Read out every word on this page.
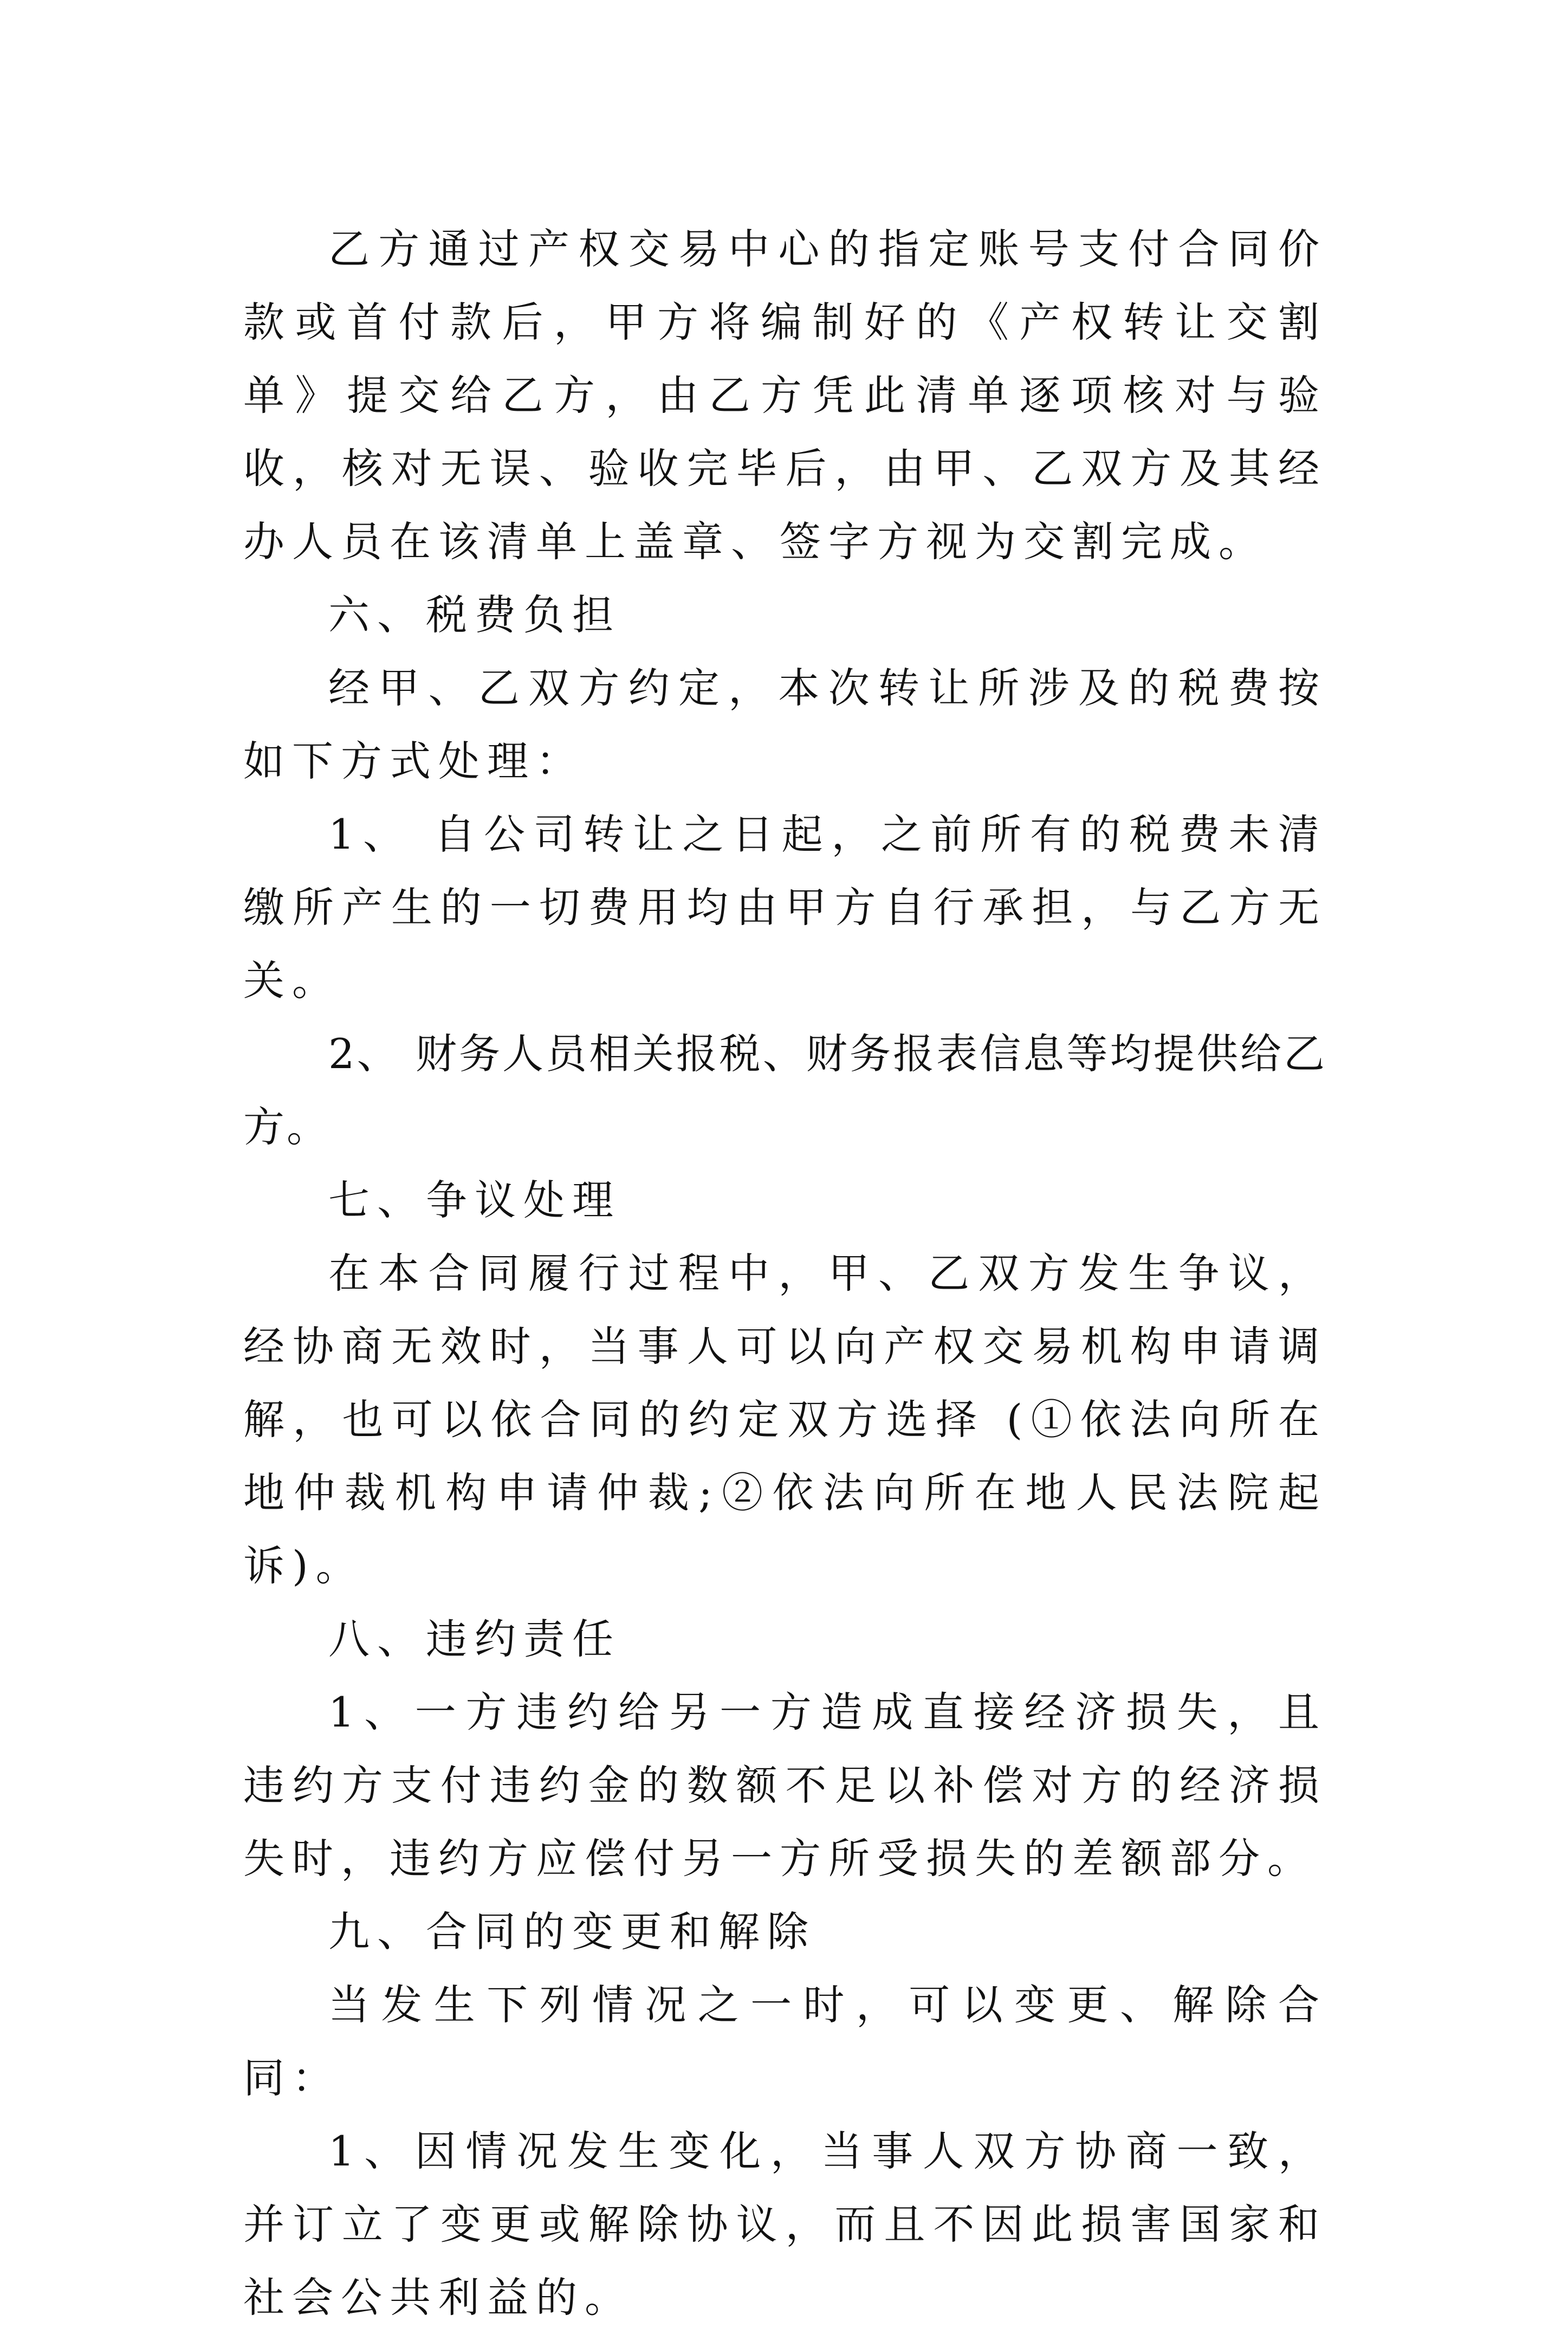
乙方通过产权交易中心的指定账号支付合同价款或首付款后，甲方将编制好的《产权转让交割单》提交给乙方，由乙方凭此清单逐项核对与验收，核对无误、验收完毕后，由甲、乙双方及其经办人员在该清单上盖章、签字方视为交割完成。

六、税费负担

经甲、乙双方约定，本次转让所涉及的税费按如下方式处理：

1、 自公司转让之日起，之前所有的税费未清缴所产生的一切费用均由甲方自行承担，与乙方无关。

2、 财务人员相关报税、财务报表信息等均提供给乙方。

七、争议处理

在本合同履行过程中，甲、乙双方发生争议，经协商无效时，当事人可以向产权交易机构申请调解，也可以依合同的约定双方选择 (①依法向所在地仲裁机构申请仲裁;②依法向所在地人民法院起诉)。

八、违约责任

1、一方违约给另一方造成直接经济损失，且违约方支付违约金的数额不足以补偿对方的经济损失时，违约方应偿付另一方所受损失的差额部分。

九、合同的变更和解除

当发生下列情况之一时，可以变更、解除合同：

1、因情况发生变化，当事人双方协商一致，并订立了变更或解除协议，而且不因此损害国家和社会公共利益的。
